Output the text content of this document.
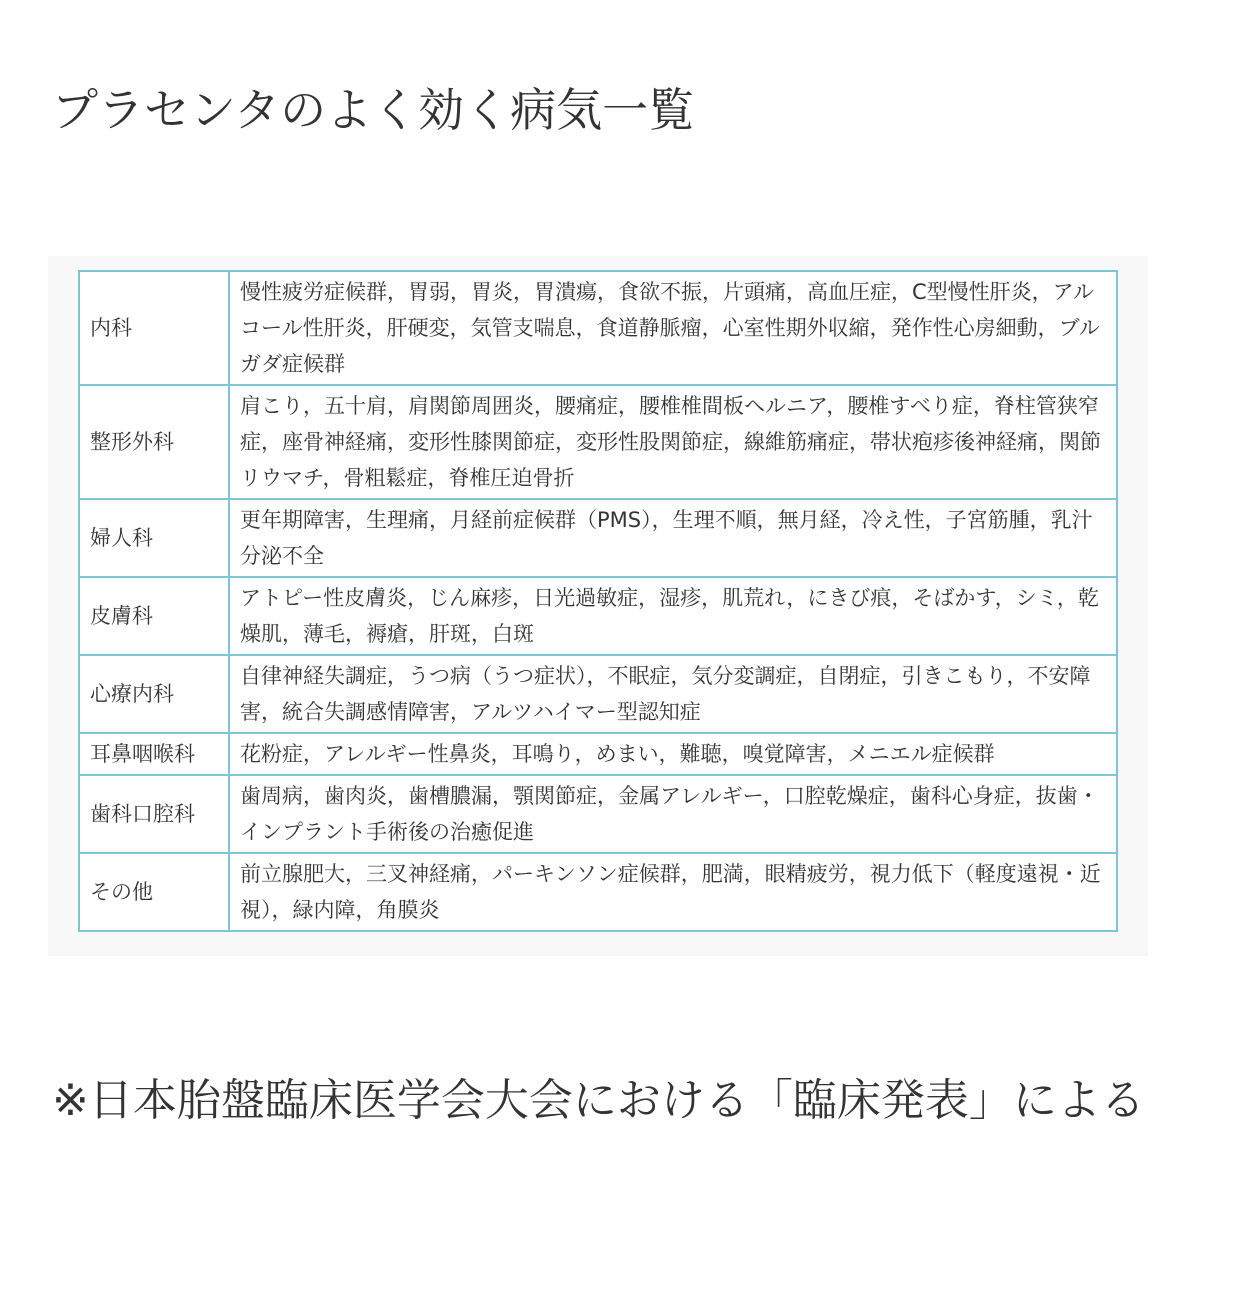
プラセンタのよく効く病気一覧
内科	慢性疲労症候群，胃弱，胃炎，胃潰瘍，食欲不振，片頭痛，高血圧症，C型慢性肝炎，アルコール性肝炎，肝硬変，気管支喘息，食道静脈瘤，心室性期外収縮，発作性心房細動，ブルガダ症候群
整形外科	肩こり，五十肩，肩関節周囲炎，腰痛症，腰椎椎間板ヘルニア，腰椎すべり症，脊柱管狭窄症，座骨神経痛，変形性膝関節症，変形性股関節症，線維筋痛症，帯状疱疹後神経痛，関節リウマチ，骨粗鬆症，脊椎圧迫骨折
婦人科	更年期障害，生理痛，月経前症候群（PMS），生理不順，無月経，冷え性，子宮筋腫，乳汁分泌不全
皮膚科	アトピー性皮膚炎，じん麻疹，日光過敏症，湿疹，肌荒れ，にきび痕，そばかす，シミ，乾燥肌，薄毛，褥瘡，肝斑，白斑
心療内科	自律神経失調症，うつ病（うつ症状），不眠症，気分変調症，自閉症，引きこもり，不安障害，統合失調感情障害，アルツハイマー型認知症
耳鼻咽喉科	花粉症，アレルギー性鼻炎，耳鳴り，めまい，難聴，嗅覚障害，メニエル症候群
歯科口腔科	歯周病，歯肉炎，歯槽膿漏，顎関節症，金属アレルギー，口腔乾燥症，歯科心身症，抜歯・インプラント手術後の治癒促進
その他	前立腺肥大，三叉神経痛，パーキンソン症候群，肥満，眼精疲労，視力低下（軽度遠視・近視），緑内障，角膜炎

※日本胎盤臨床医学会大会における「臨床発表」による
